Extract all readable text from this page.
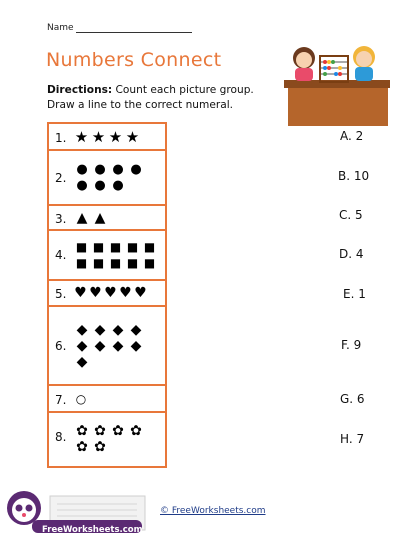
Name
Numbers Connect
Directions: Count each picture group. Draw a line to the correct numeral.
1. ★ ★ ★ ★
2.
● ● ● ●
● ● ●
3. ▲ ▲
4.
■ ■ ■ ■ ■
■ ■ ■ ■ ■
5. ♥ ♥ ♥ ♥ ♥
6.
◆ ◆ ◆ ◆
◆ ◆ ◆ ◆
◆
7. ○
8. ✿ ✿ ✿ ✿
✿ ✿
A. 2
B. 10
C. 5
D. 4
E. 1
F. 9
G. 6
H. 7
FreeWorksheets.com
© FreeWorksheets.com
